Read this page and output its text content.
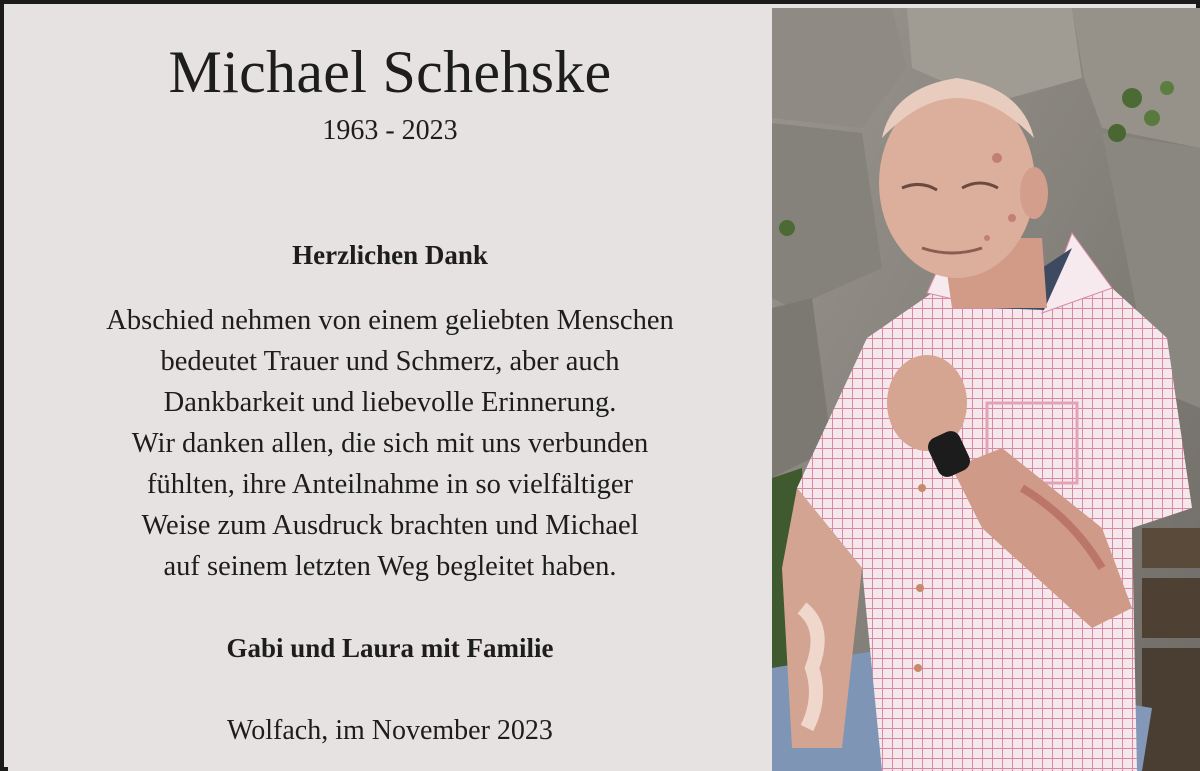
Michael Schehske
1963 - 2023
Herzlichen Dank
Abschied nehmen von einem geliebten Menschen
bedeutet Trauer und Schmerz, aber auch
Dankbarkeit und liebevolle Erinnerung.
Wir danken allen, die sich mit uns verbunden
fühlten, ihre Anteilnahme in so vielfältiger
Weise zum Ausdruck brachten und Michael
auf seinem letzten Weg begleitet haben.
Gabi und Laura mit Familie
Wolfach, im November 2023
